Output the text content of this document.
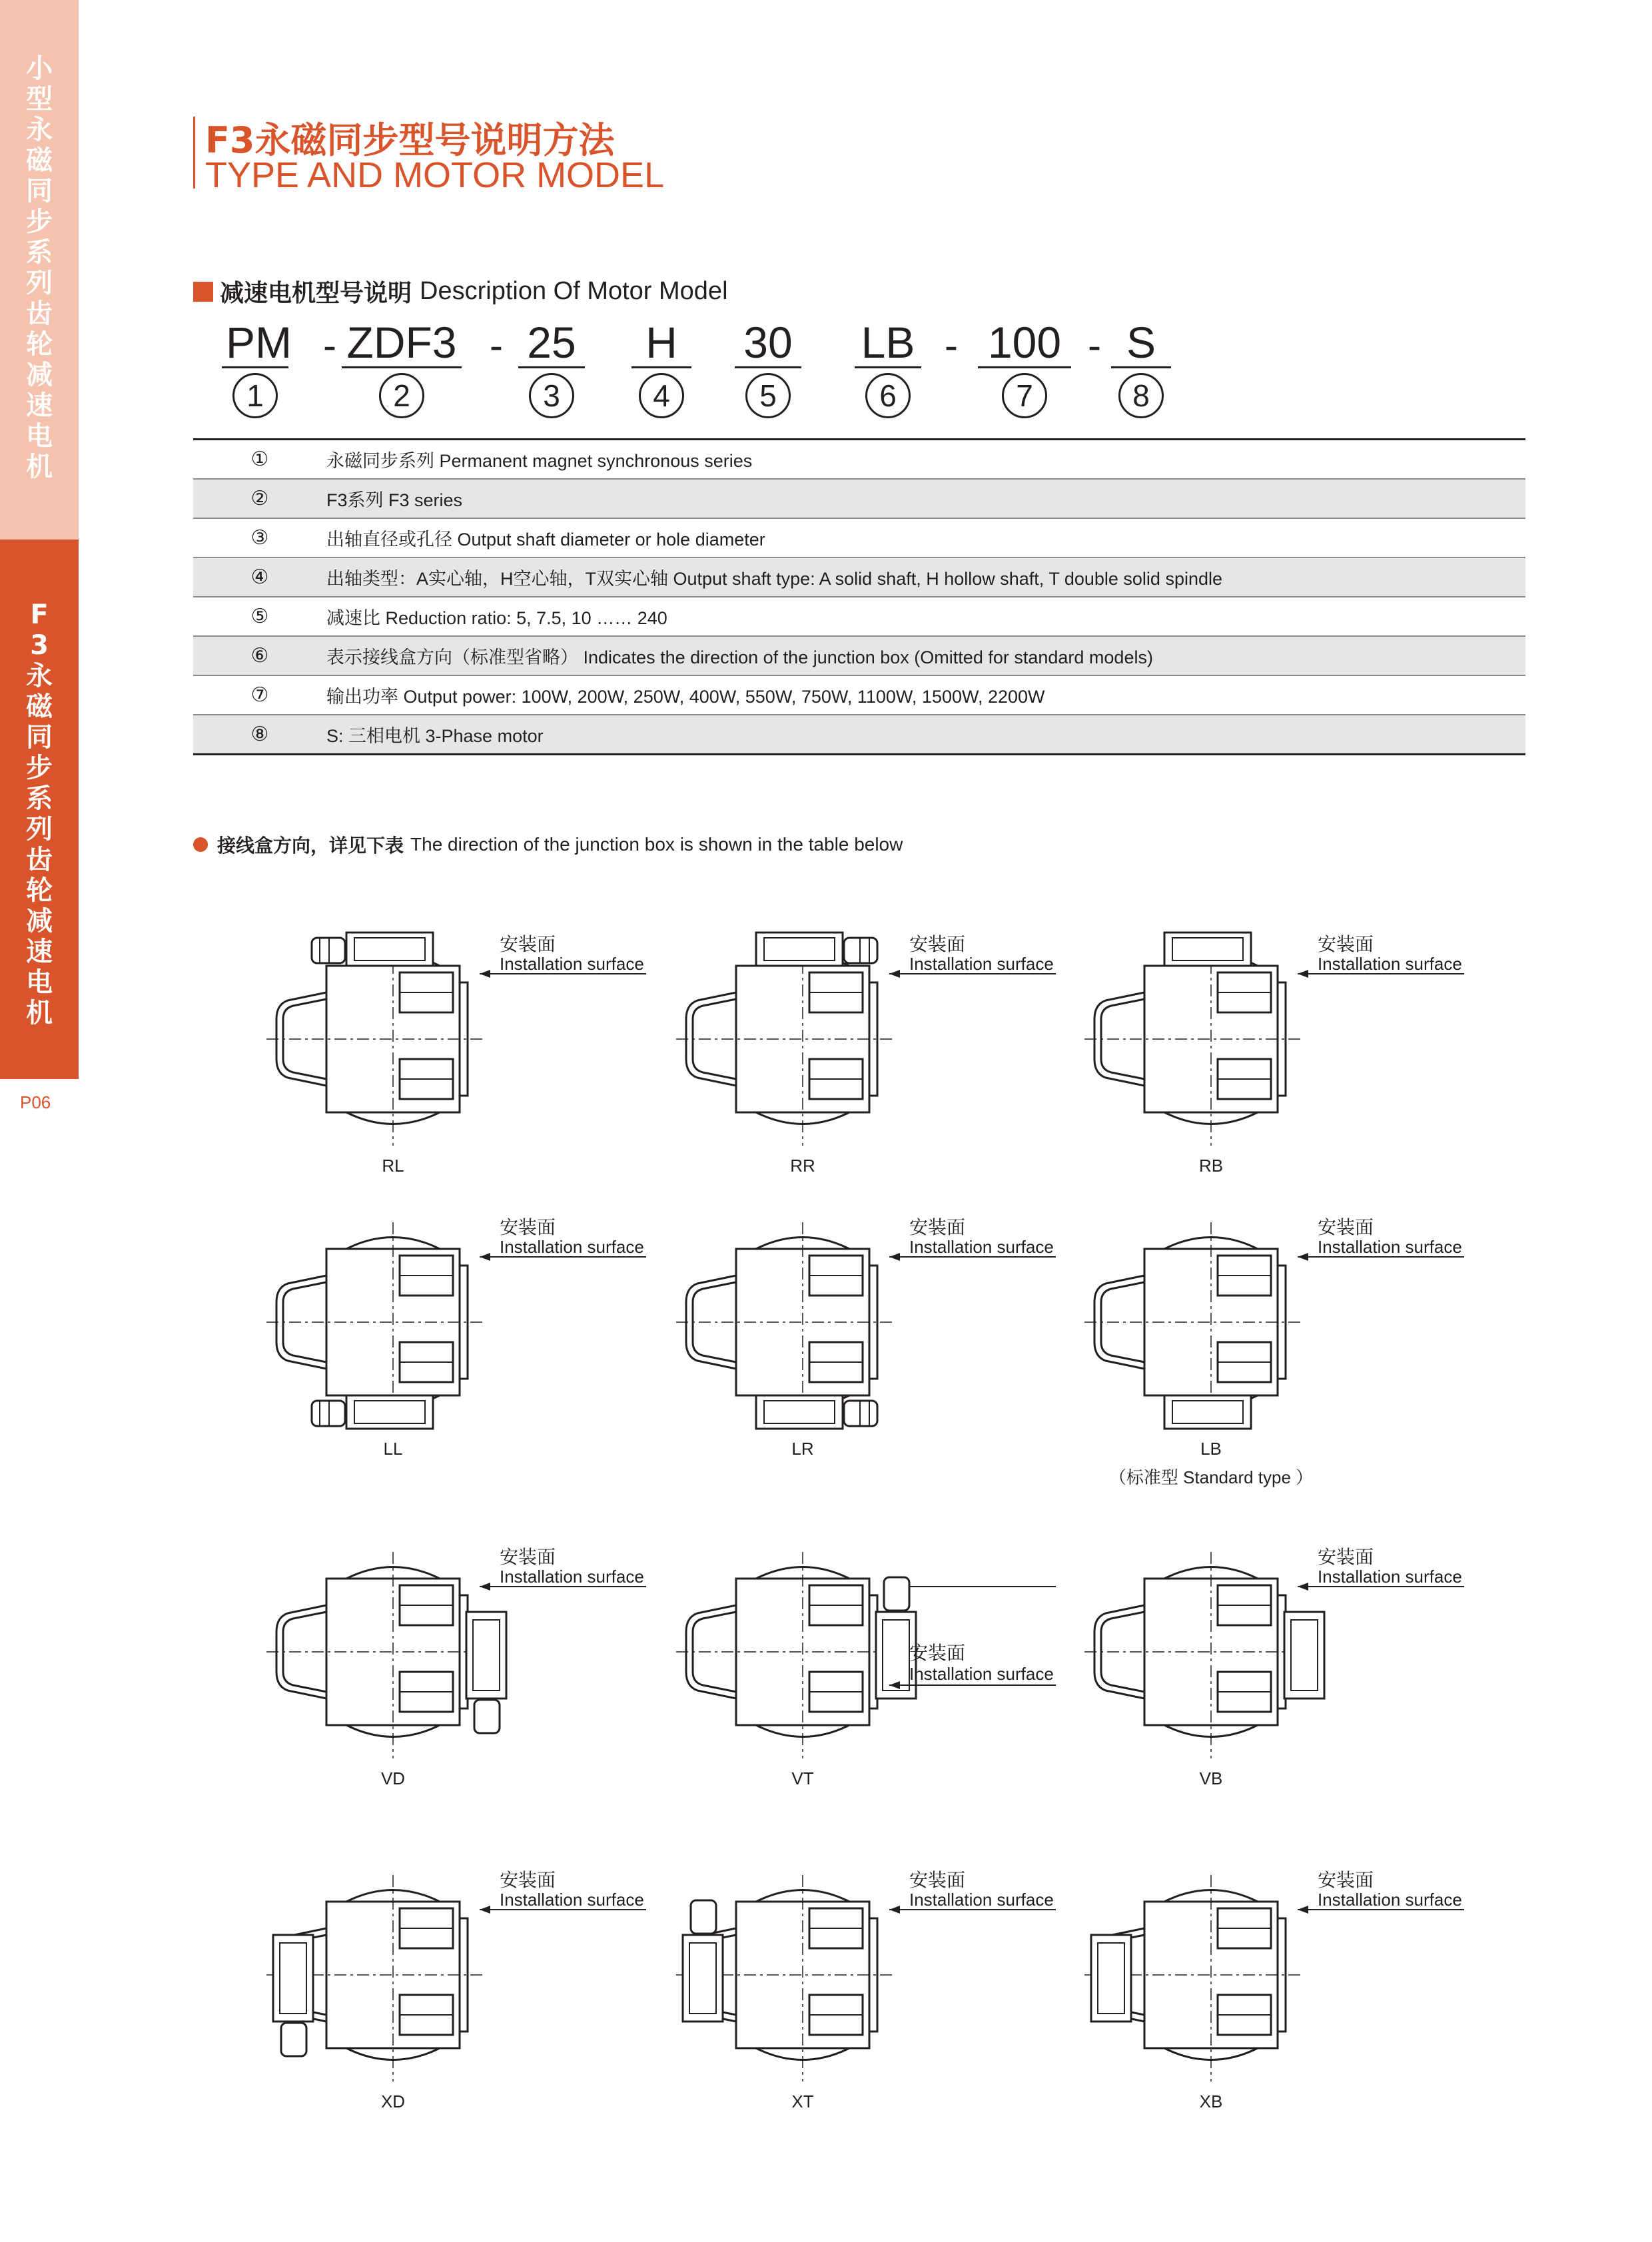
小
型
永
磁
同
步
系
列
齿
轮
减
速
电
机
F
3
永
磁
同
步
系
列
齿
轮
减
速
电
机
P06
F3永磁同步型号说明方法
TYPE AND MOTOR MODEL
减速电机型号说明 Description Of Motor Model
PM
1
ZDF3
2
25
3
H
4
30
5
LB
6
100
7
S
8
-	-	-	-
①	永磁同步系列 Permanent magnet synchronous series
②	F3系列 F3 series
③	出轴直径或孔径 Output shaft diameter or hole diameter
④	出轴类型：A实心轴，H空心轴，T双实心轴 Output shaft type: A solid shaft, H hollow shaft, T double solid spindle
⑤	减速比 Reduction ratio: 5, 7.5, 10 …… 240
⑥	表示接线盒方向（标准型省略） Indicates the direction of the junction box (Omitted for standard models)
⑦	输出功率 Output power: 100W, 200W, 250W, 400W, 550W, 750W, 1100W, 1500W, 2200W
⑧	S: 三相电机 3-Phase motor
接线盒方向，详见下表 The direction of the junction box is shown in the table below
安装面
Installation surface
RL
安装面
Installation surface
RR
安装面
Installation surface
RB
安装面
Installation surface
LL
安装面
Installation surface
LR
安装面
Installation surface
LB
（标准型 Standard type ）
安装面
Installation surface
VD
安装面
Installation surface
VT
安装面
Installation surface
VB
安装面
Installation surface
XD
安装面
Installation surface
XT
安装面
Installation surface
XB
